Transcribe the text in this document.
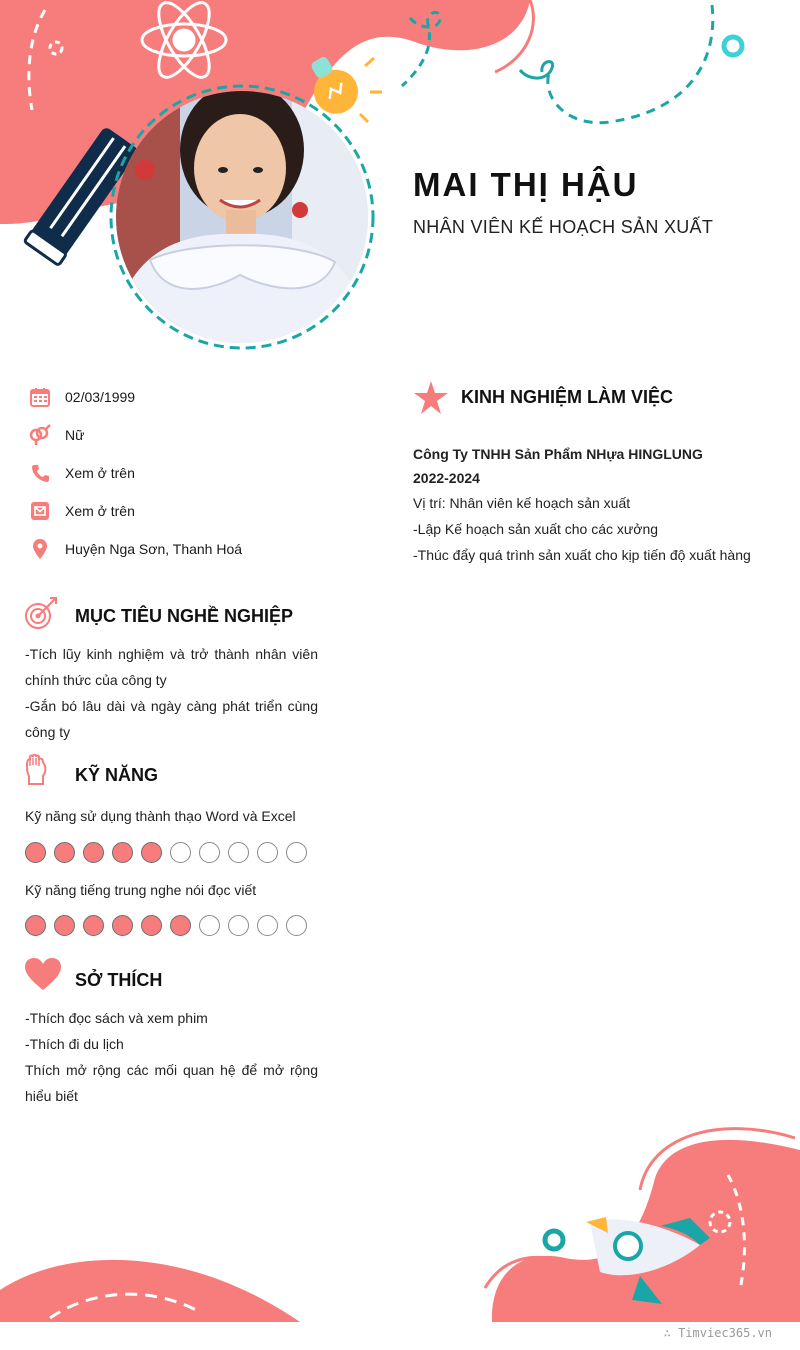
MAI THỊ HẬU
NHÂN VIÊN KẾ HOẠCH SẢN XUẤT
02/03/1999
Nữ
Xem ở trên
Xem ở trên
Huyện Nga Sơn, Thanh Hoá
MỤC TIÊU NGHỀ NGHIỆP

-Tích lũy kinh nghiệm và trở thành nhân viên chính thức của công ty

-Gắn bó lâu dài và ngày càng phát triển cùng công ty

KỸ NĂNG
Kỹ năng sử dụng thành thạo Word và Excel
Kỹ năng tiếng trung nghe nói đọc viết
SỞ THÍCH

-Thích đọc sách và xem phim

-Thích đi du lịch

Thích mở rộng các mối quan hệ để mở rộng hiểu biết

KINH NGHIỆM LÀM VIỆC
Công Ty TNHH Sản Phẩm NHựa HINGLUNG
2022-2024
Vị trí: Nhân viên kế hoạch sản xuất
-Lập Kế hoạch sản xuất cho các xưởng
-Thúc đẩy quá trình sản xuất cho kịp tiến độ xuất hàng
∴ Timviec365.vn
